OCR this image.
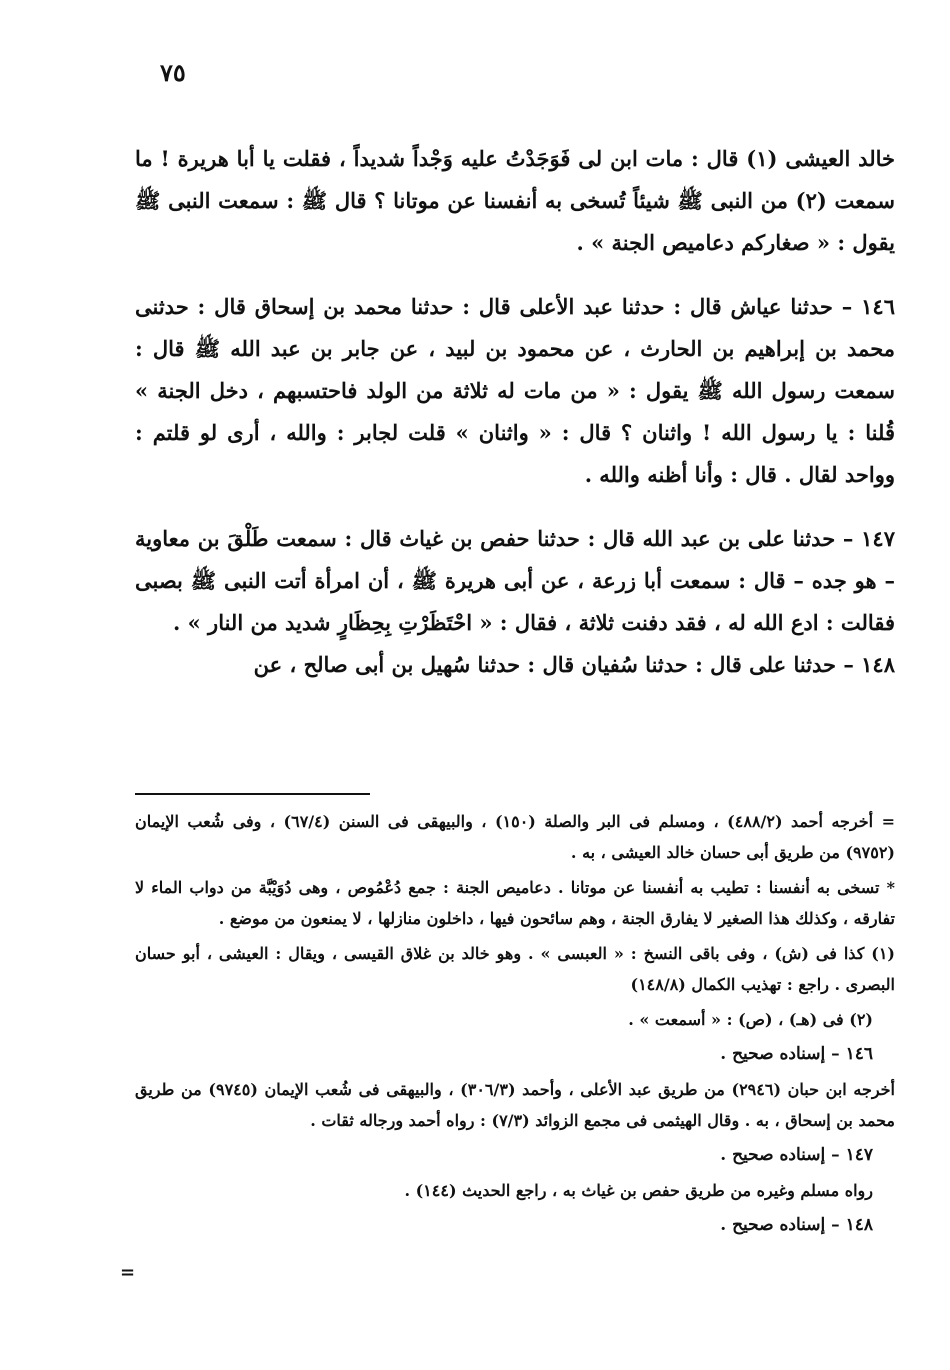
٧٥

خالد العيشى (١) قال : مات ابن لى فَوَجَدْتُ عليه وَجْداً شديداً ، فقلت يا أبا هريرة ! ما سمعت (٢) من النبى ﷺ شيئاً تُسخى به أنفسنا عن موتانا ؟ قال ﷺ : سمعت النبى ﷺ يقول : « صغاركم دعاميص الجنة » .

١٤٦ – حدثنا عياش قال : حدثنا عبد الأعلى قال : حدثنا محمد بن إسحاق قال : حدثنى محمد بن إبراهيم بن الحارث ، عن محمود بن لبيد ، عن جابر بن عبد الله ﷺ قال : سمعت رسول الله ﷺ يقول : « من مات له ثلاثة من الولد فاحتسبهم ، دخل الجنة » قُلنا : يا رسول الله ! واثنان ؟ قال : « واثنان » قلت لجابر : والله ، أرى لو قلتم : وواحد لقال . قال : وأنا أظنه والله .

١٤٧ – حدثنا على بن عبد الله قال : حدثنا حفص بن غياث قال : سمعت طَلْقَ بن معاوية – هو جده – قال : سمعت أبا زرعة ، عن أبى هريرة ﷺ ، أن امرأة أتت النبى ﷺ بصبى فقالت : ادع الله له ، فقد دفنت ثلاثة ، فقال : « احْتَظَرْتِ بِحِظَارٍ شديد من النار » .

١٤٨ – حدثنا على قال : حدثنا سُفيان قال : حدثنا سُهيل بن أبى صالح ، عن

= أخرجه أحمد (٤٨٨/٢) ، ومسلم فى البر والصلة (١٥٠) ، والبيهقى فى السنن (٦٧/٤) ، وفى شُعب الإيمان (٩٧٥٢) من طريق أبى حسان خالد العيشى ، به .

* تسخى به أنفسنا : تطيب به أنفسنا عن موتانا . دعاميص الجنة : جمع دُعْمُوص ، وهى دُوَيْبَّة من دواب الماء لا تفارقه ، وكذلك هذا الصغير لا يفارق الجنة ، وهم سائحون فيها ، داخلون منازلها ، لا يمنعون من موضع .

(١) كذا فى (ش) ، وفى باقى النسخ : « العبسى » . وهو خالد بن غلاق القيسى ، ويقال : العيشى ، أبو حسان البصرى . راجع : تهذيب الكمال (١٤٨/٨)

(٢) فى (هـ) ، (ص) : « أسمعت » .

١٤٦ – إسناده صحيح .

أخرجه ابن حبان (٢٩٤٦) من طريق عبد الأعلى ، وأحمد (٣٠٦/٣) ، والبيهقى فى شُعب الإيمان (٩٧٤٥) من طريق محمد بن إسحاق ، به . وقال الهيثمى فى مجمع الزوائد (٧/٣) : رواه أحمد ورجاله ثقات .

١٤٧ – إسناده صحيح .

رواه مسلم وغيره من طريق حفص بن غياث به ، راجع الحديث (١٤٤) .

١٤٨ – إسناده صحيح .

=
